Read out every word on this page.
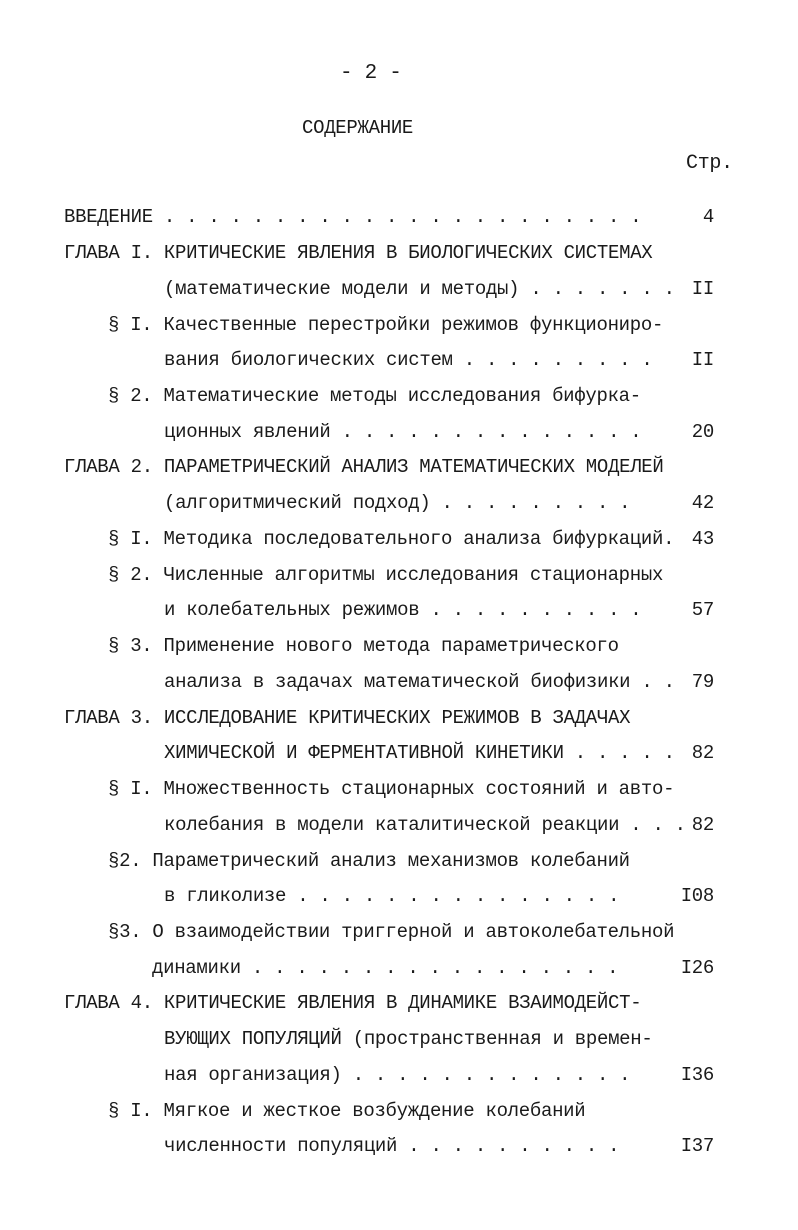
- 2 -
СОДЕРЖАНИЕ
Стр.
ВВЕДЕНИЕ . . . . . . . . . . . . . . . . . . . . . .	4
ГЛАВА I. КРИТИЧЕСКИЕ ЯВЛЕНИЯ В БИОЛОГИЧЕСКИХ СИСТЕМАХ
(математические модели и методы) . . . . . . . II
§ I. Качественные перестройки режимов функциониро-
вания биологических систем . . . . . . . . . II
§ 2. Математические методы исследования бифурка-
ционных явлений . . . . . . . . . . . . . .	20
ГЛАВА 2. ПАРАМЕТРИЧЕСКИЙ АНАЛИЗ МАТЕМАТИЧЕСКИХ МОДЕЛЕЙ
(алгоритмический подход) . . . . . . . . .	42
§ I. Методика последовательного анализа бифуркаций. 43
§ 2. Численные алгоритмы исследования стационарных
и колебательных режимов . . . . . . . . . .	57
§ 3. Применение нового метода параметрического
анализа в задачах математической биофизики . . 79
ГЛАВА 3. ИССЛЕДОВАНИЕ КРИТИЧЕСКИХ РЕЖИМОВ В ЗАДАЧАХ
ХИМИЧЕСКОЙ И ФЕРМЕНТАТИВНОЙ КИНЕТИКИ . . . . . 82
§ I. Множественность стационарных состояний и авто-
колебания в модели каталитической реакции . . . 82
§2. Параметрический анализ механизмов колебаний
в гликолизе . . . . . . . . . . . . . . .	I08
§3. О взаимодействии триггерной и автоколебательной
динамики . . . . . . . . . . . . . . . . .	I26
ГЛАВА 4. КРИТИЧЕСКИЕ ЯВЛЕНИЯ В ДИНАМИКЕ ВЗАИМОДЕЙСТ-
ВУЮЩИХ ПОПУЛЯЦИЙ (пространственная и времен-
ная организация) . . . . . . . . . . . . .	I36
§ I. Мягкое и жесткое возбуждение колебаний
численности популяций . . . . . . . . . .	I37
